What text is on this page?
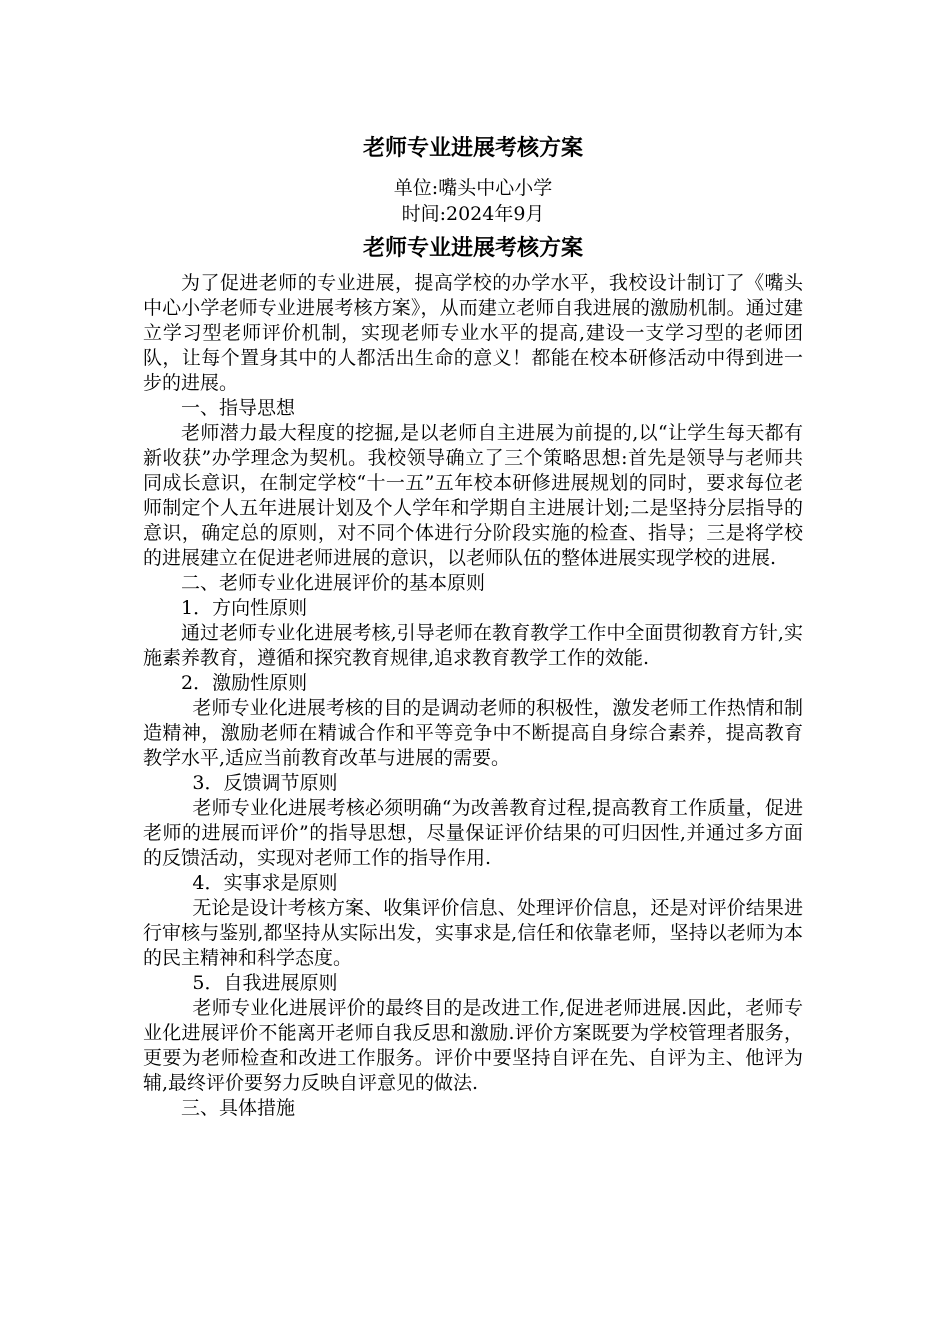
老师专业进展考核方案

单位:嘴头中心小学

时间:2024年9月

老师专业进展考核方案

为了促进老师的专业进展，提高学校的办学水平，我校设计制订了《嘴头中心小学老师专业进展考核方案》，从而建立老师自我进展的激励机制。通过建立学习型老师评价机制，实现老师专业水平的提高,建设一支学习型的老师团队，让每个置身其中的人都活出生命的意义！都能在校本研修活动中得到进一步的进展。

一、指导思想

老师潜力最大程度的挖掘,是以老师自主进展为前提的,以“让学生每天都有新收获”办学理念为契机。我校领导确立了三个策略思想:首先是领导与老师共同成长意识，在制定学校“十一五”五年校本研修进展规划的同时，要求每位老师制定个人五年进展计划及个人学年和学期自主进展计划;二是坚持分层指导的意识，确定总的原则，对不同个体进行分阶段实施的检查、指导；三是将学校的进展建立在促进老师进展的意识，以老师队伍的整体进展实现学校的进展.

二、老师专业化进展评价的基本原则

1．方向性原则

通过老师专业化进展考核,引导老师在教育教学工作中全面贯彻教育方针,实施素养教育，遵循和探究教育规律,追求教育教学工作的效能.

2．激励性原则

老师专业化进展考核的目的是调动老师的积极性，激发老师工作热情和制造精神，激励老师在精诚合作和平等竞争中不断提高自身综合素养，提高教育教学水平,适应当前教育改革与进展的需要。

3．反馈调节原则

老师专业化进展考核必须明确“为改善教育过程,提高教育工作质量，促进老师的进展而评价”的指导思想，尽量保证评价结果的可归因性,并通过多方面的反馈活动，实现对老师工作的指导作用.

4．实事求是原则

无论是设计考核方案、收集评价信息、处理评价信息，还是对评价结果进行审核与鉴别,都坚持从实际出发，实事求是,信任和依靠老师，坚持以老师为本的民主精神和科学态度。

5．自我进展原则

老师专业化进展评价的最终目的是改进工作,促进老师进展.因此，老师专业化进展评价不能离开老师自我反思和激励.评价方案既要为学校管理者服务，更要为老师检查和改进工作服务。评价中要坚持自评在先、自评为主、他评为辅,最终评价要努力反映自评意见的做法.

三、具体措施
